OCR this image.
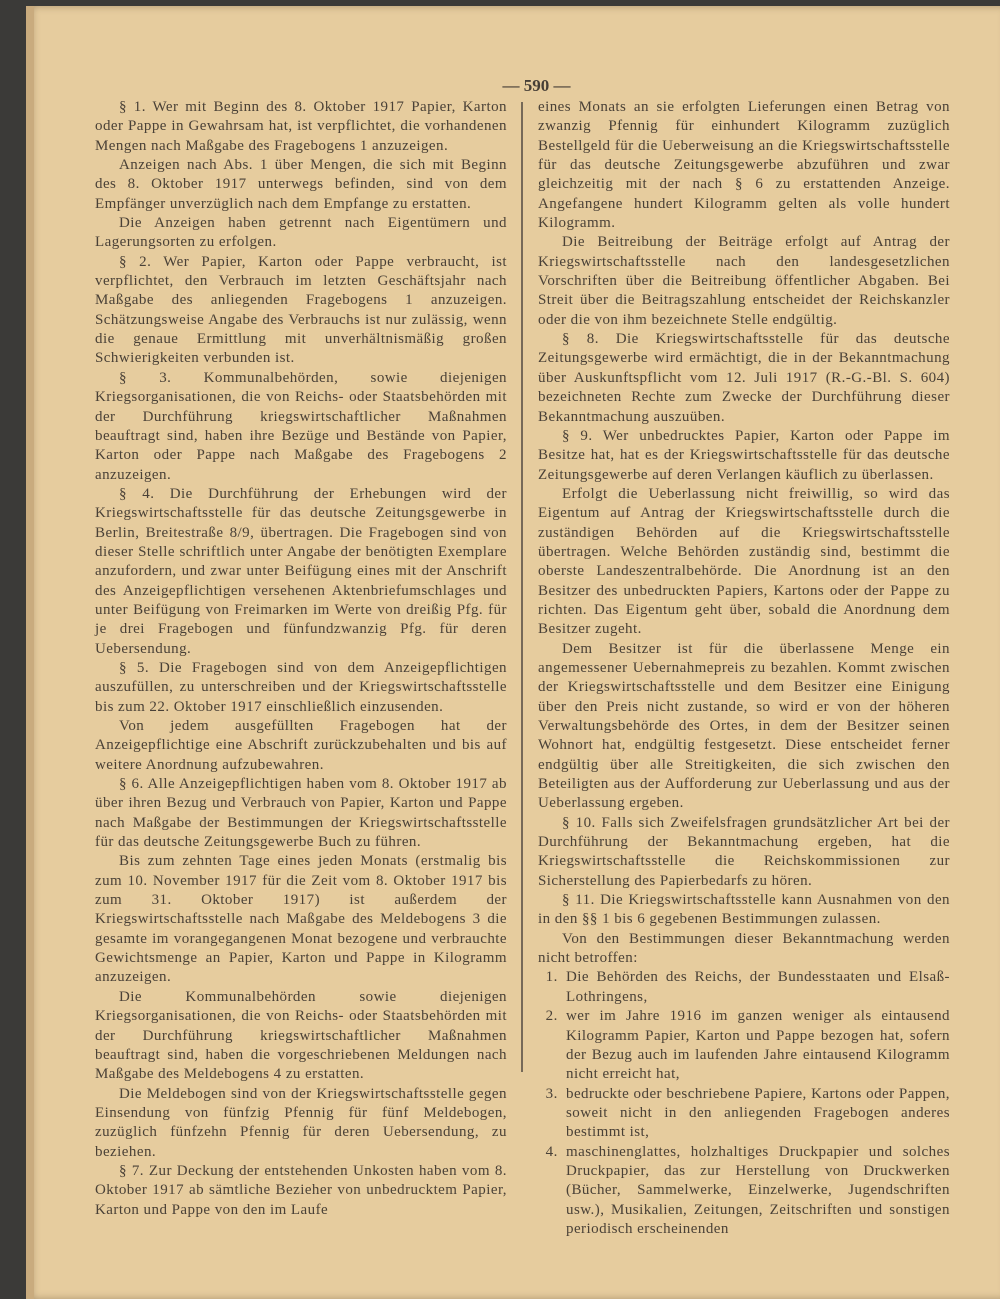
— 590 —

§ 1. Wer mit Beginn des 8. Oktober 1917 Papier, Karton oder Pappe in Gewahrsam hat, ist verpflichtet, die vorhandenen Mengen nach Maßgabe des Fragebogens 1 anzuzeigen.

Anzeigen nach Abs. 1 über Mengen, die sich mit Beginn des 8. Oktober 1917 unterwegs befinden, sind von dem Empfänger unverzüglich nach dem Empfange zu erstatten.

Die Anzeigen haben getrennt nach Eigentümern und Lagerungsorten zu erfolgen.

§ 2. Wer Papier, Karton oder Pappe verbraucht, ist verpflichtet, den Verbrauch im letzten Geschäftsjahr nach Maßgabe des anliegenden Fragebogens 1 anzuzeigen. Schätzungsweise Angabe des Verbrauchs ist nur zulässig, wenn die genaue Ermittlung mit unverhältnismäßig großen Schwierigkeiten verbunden ist.

§ 3. Kommunalbehörden, sowie diejenigen Kriegsorganisationen, die von Reichs- oder Staatsbehörden mit der Durchführung kriegswirtschaftlicher Maßnahmen beauftragt sind, haben ihre Bezüge und Bestände von Papier, Karton oder Pappe nach Maßgabe des Fragebogens 2 anzuzeigen.

§ 4. Die Durchführung der Erhebungen wird der Kriegswirtschaftsstelle für das deutsche Zeitungsgewerbe in Berlin, Breitestraße 8/9, übertragen. Die Fragebogen sind von dieser Stelle schriftlich unter Angabe der benötigten Exemplare anzufordern, und zwar unter Beifügung eines mit der Anschrift des Anzeigepflichtigen versehenen Aktenbriefumschlages und unter Beifügung von Freimarken im Werte von dreißig Pfg. für je drei Fragebogen und fünfundzwanzig Pfg. für deren Uebersendung.

§ 5. Die Fragebogen sind von dem Anzeigepflichtigen auszufüllen, zu unterschreiben und der Kriegswirtschaftsstelle bis zum 22. Oktober 1917 einschließlich einzusenden.

Von jedem ausgefüllten Fragebogen hat der Anzeigepflichtige eine Abschrift zurückzubehalten und bis auf weitere Anordnung aufzubewahren.

§ 6. Alle Anzeigepflichtigen haben vom 8. Oktober 1917 ab über ihren Bezug und Verbrauch von Papier, Karton und Pappe nach Maßgabe der Bestimmungen der Kriegswirtschaftsstelle für das deutsche Zeitungsgewerbe Buch zu führen.

Bis zum zehnten Tage eines jeden Monats (erstmalig bis zum 10. November 1917 für die Zeit vom 8. Oktober 1917 bis zum 31. Oktober 1917) ist außerdem der Kriegswirtschaftsstelle nach Maßgabe des Meldebogens 3 die gesamte im vorangegangenen Monat bezogene und verbrauchte Gewichtsmenge an Papier, Karton und Pappe in Kilogramm anzuzeigen.

Die Kommunalbehörden sowie diejenigen Kriegsorganisationen, die von Reichs- oder Staatsbehörden mit der Durchführung kriegswirtschaftlicher Maßnahmen beauftragt sind, haben die vorgeschriebenen Meldungen nach Maßgabe des Meldebogens 4 zu erstatten.

Die Meldebogen sind von der Kriegswirtschaftsstelle gegen Einsendung von fünfzig Pfennig für fünf Meldebogen, zuzüglich fünfzehn Pfennig für deren Uebersendung, zu beziehen.

§ 7. Zur Deckung der entstehenden Unkosten haben vom 8. Oktober 1917 ab sämtliche Bezieher von unbedrucktem Papier, Karton und Pappe von den im Laufe

eines Monats an sie erfolgten Lieferungen einen Betrag von zwanzig Pfennig für einhundert Kilogramm zuzüglich Bestellgeld für die Ueberweisung an die Kriegswirtschaftsstelle für das deutsche Zeitungsgewerbe abzuführen und zwar gleichzeitig mit der nach § 6 zu erstattenden Anzeige. Angefangene hundert Kilogramm gelten als volle hundert Kilogramm.

Die Beitreibung der Beiträge erfolgt auf Antrag der Kriegswirtschaftsstelle nach den landesgesetzlichen Vorschriften über die Beitreibung öffentlicher Abgaben. Bei Streit über die Beitragszahlung entscheidet der Reichskanzler oder die von ihm bezeichnete Stelle endgültig.

§ 8. Die Kriegswirtschaftsstelle für das deutsche Zeitungsgewerbe wird ermächtigt, die in der Bekanntmachung über Auskunftspflicht vom 12. Juli 1917 (R.-G.-Bl. S. 604) bezeichneten Rechte zum Zwecke der Durchführung dieser Bekanntmachung auszuüben.

§ 9. Wer unbedrucktes Papier, Karton oder Pappe im Besitze hat, hat es der Kriegswirtschaftsstelle für das deutsche Zeitungsgewerbe auf deren Verlangen käuflich zu überlassen.

Erfolgt die Ueberlassung nicht freiwillig, so wird das Eigentum auf Antrag der Kriegswirtschaftsstelle durch die zuständigen Behörden auf die Kriegswirtschaftsstelle übertragen. Welche Behörden zuständig sind, bestimmt die oberste Landeszentralbehörde. Die Anordnung ist an den Besitzer des unbedruckten Papiers, Kartons oder der Pappe zu richten. Das Eigentum geht über, sobald die Anordnung dem Besitzer zugeht.

Dem Besitzer ist für die überlassene Menge ein angemessener Uebernahmepreis zu bezahlen. Kommt zwischen der Kriegswirtschaftsstelle und dem Besitzer eine Einigung über den Preis nicht zustande, so wird er von der höheren Verwaltungsbehörde des Ortes, in dem der Besitzer seinen Wohnort hat, endgültig festgesetzt. Diese entscheidet ferner endgültig über alle Streitigkeiten, die sich zwischen den Beteiligten aus der Aufforderung zur Ueberlassung und aus der Ueberlassung ergeben.

§ 10. Falls sich Zweifelsfragen grundsätzlicher Art bei der Durchführung der Bekanntmachung ergeben, hat die Kriegswirtschaftsstelle die Reichskommissionen zur Sicherstellung des Papierbedarfs zu hören.

§ 11. Die Kriegswirtschaftsstelle kann Ausnahmen von den in den §§ 1 bis 6 gegebenen Bestimmungen zulassen.

Von den Bestimmungen dieser Bekanntmachung werden nicht betroffen:

1. Die Behörden des Reichs, der Bundesstaaten und Elsaß-Lothringens,
2. wer im Jahre 1916 im ganzen weniger als eintausend Kilogramm Papier, Karton und Pappe bezogen hat, sofern der Bezug auch im laufenden Jahre eintausend Kilogramm nicht erreicht hat,
3. bedruckte oder beschriebene Papiere, Kartons oder Pappen, soweit nicht in den anliegenden Fragebogen anderes bestimmt ist,
4. maschinenglattes, holzhaltiges Druckpapier und solches Druckpapier, das zur Herstellung von Druckwerken (Bücher, Sammelwerke, Einzelwerke, Jugendschriften usw.), Musikalien, Zeitungen, Zeitschriften und sonstigen periodisch erscheinenden
